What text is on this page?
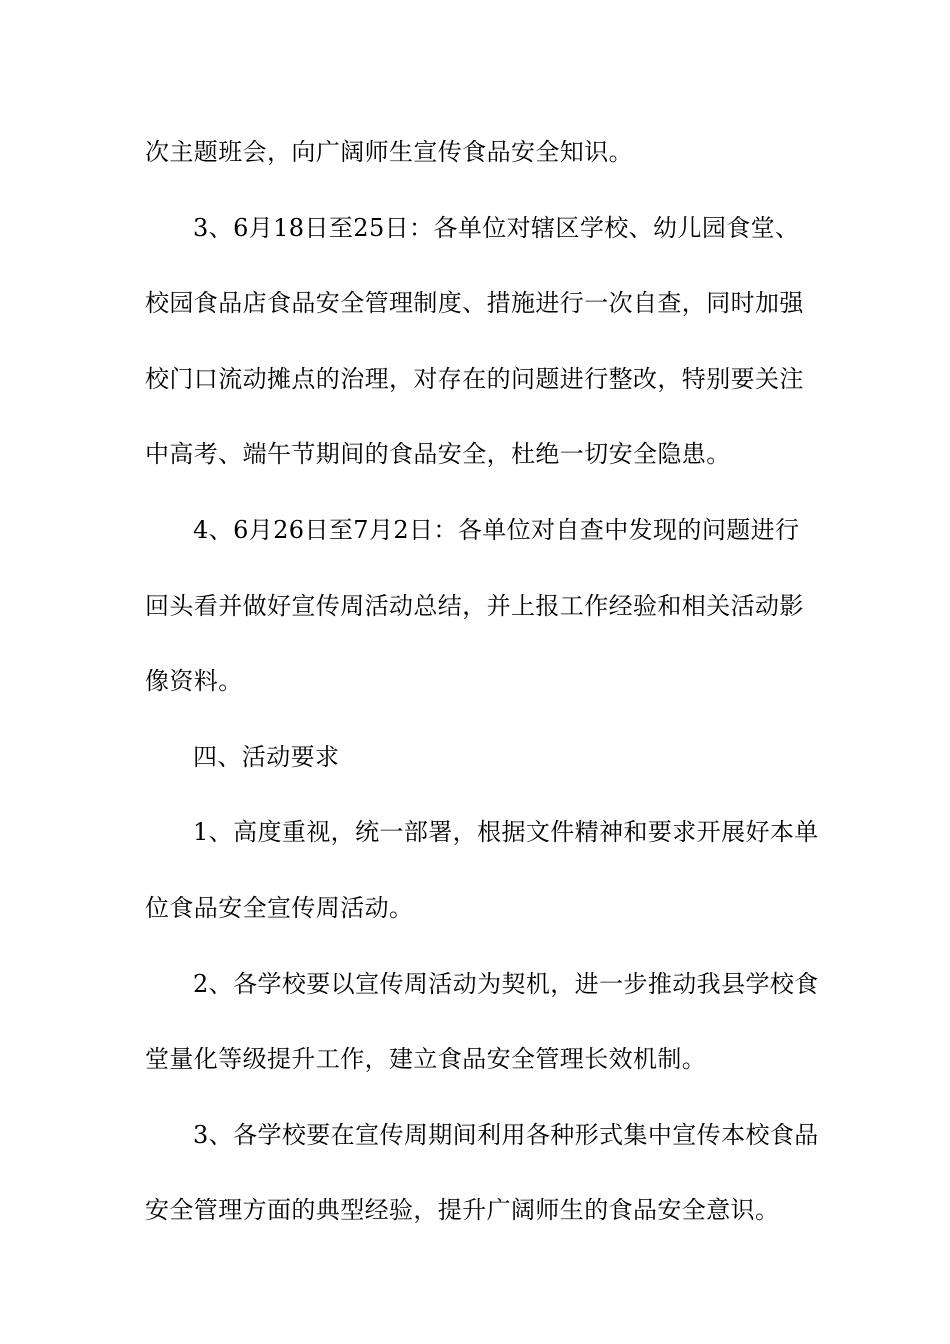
次主题班会，向广阔师生宣传食品安全知识。
3、6月18日至25日：各单位对辖区学校、幼儿园食堂、
校园食品店食品安全管理制度、措施进行一次自查，同时加强
校门口流动摊点的治理，对存在的问题进行整改，特别要关注
中高考、端午节期间的食品安全，杜绝一切安全隐患。
4、6月26日至7月2日：各单位对自查中发现的问题进行
回头看并做好宣传周活动总结，并上报工作经验和相关活动影
像资料。
四、活动要求
1、高度重视，统一部署，根据文件精神和要求开展好本单
位食品安全宣传周活动。
2、各学校要以宣传周活动为契机，进一步推动我县学校食
堂量化等级提升工作，建立食品安全管理长效机制。
3、各学校要在宣传周期间利用各种形式集中宣传本校食品
安全管理方面的典型经验，提升广阔师生的食品安全意识。
